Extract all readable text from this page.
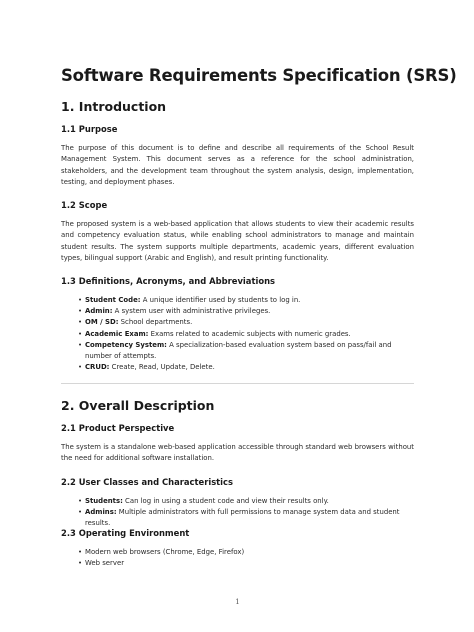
Software Requirements Specification (SRS)
1. Introduction
1.1 Purpose

The purpose of this document is to define and describe all requirements of the School Result Management System. This document serves as a reference for the school administration, stakeholders, and the development team throughout the system analysis, design, implementation, testing, and deployment phases.

1.2 Scope

The proposed system is a web-based application that allows students to view their academic results and competency evaluation status, while enabling school administrators to manage and maintain student results. The system supports multiple departments, academic years, different evaluation types, bilingual support (Arabic and English), and result printing functionality.

1.3 Definitions, Acronyms, and Abbreviations
• Student Code: A unique identifier used by students to log in.
• Admin: A system user with administrative privileges.
• OM / SD: School departments.
• Academic Exam: Exams related to academic subjects with numeric grades.
• Competency System: A specialization-based evaluation system based on pass/fail and number of attempts.
• CRUD: Create, Read, Update, Delete.
2. Overall Description
2.1 Product Perspective

The system is a standalone web-based application accessible through standard web browsers without the need for additional software installation.

2.2 User Classes and Characteristics
• Students: Can log in using a student code and view their results only.
• Admins: Multiple administrators with full permissions to manage system data and student results.
2.3 Operating Environment
• Modern web browsers (Chrome, Edge, Firefox)
• Web server
1
